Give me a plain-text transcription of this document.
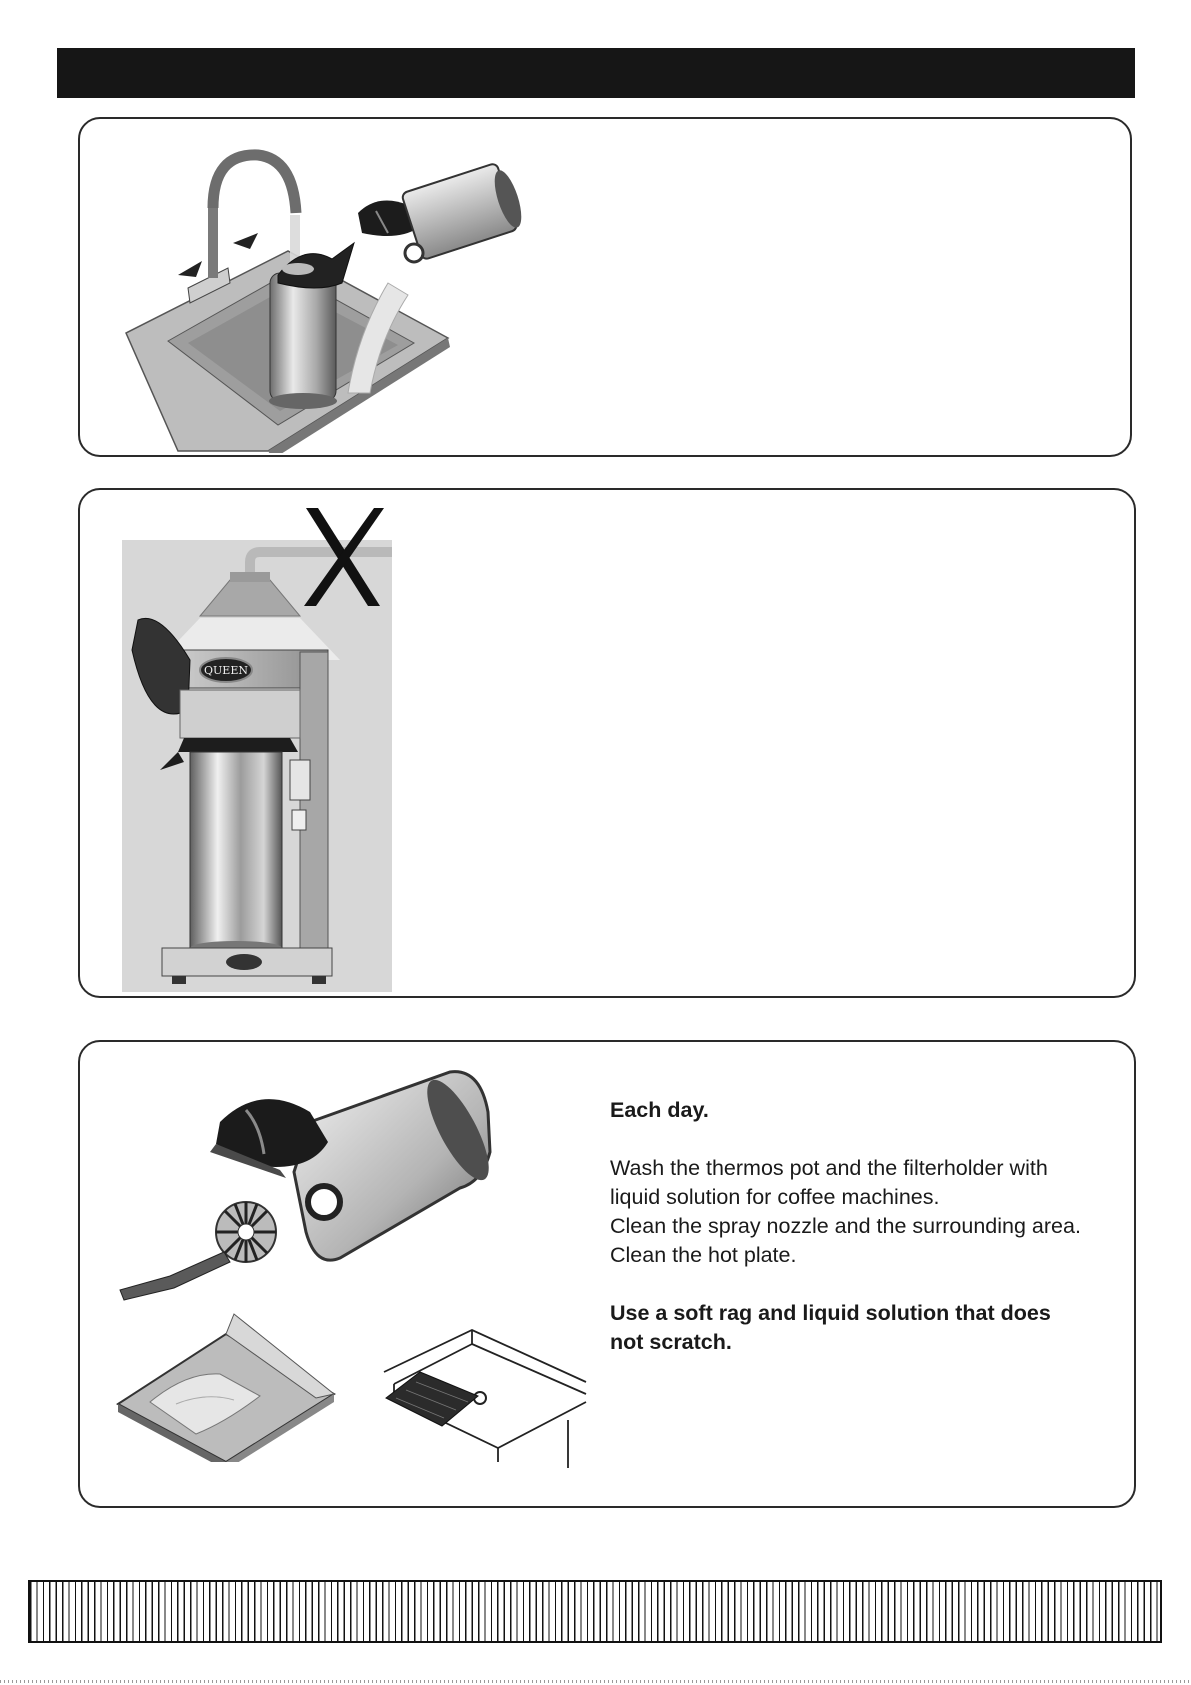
QUEEN

Each day.

Wash the thermos pot and the filterholder with

liquid solution for coffee machines.

Clean the spray nozzle and the surrounding area.

Clean the hot plate.

Use a soft rag and liquid solution that does

not scratch.
